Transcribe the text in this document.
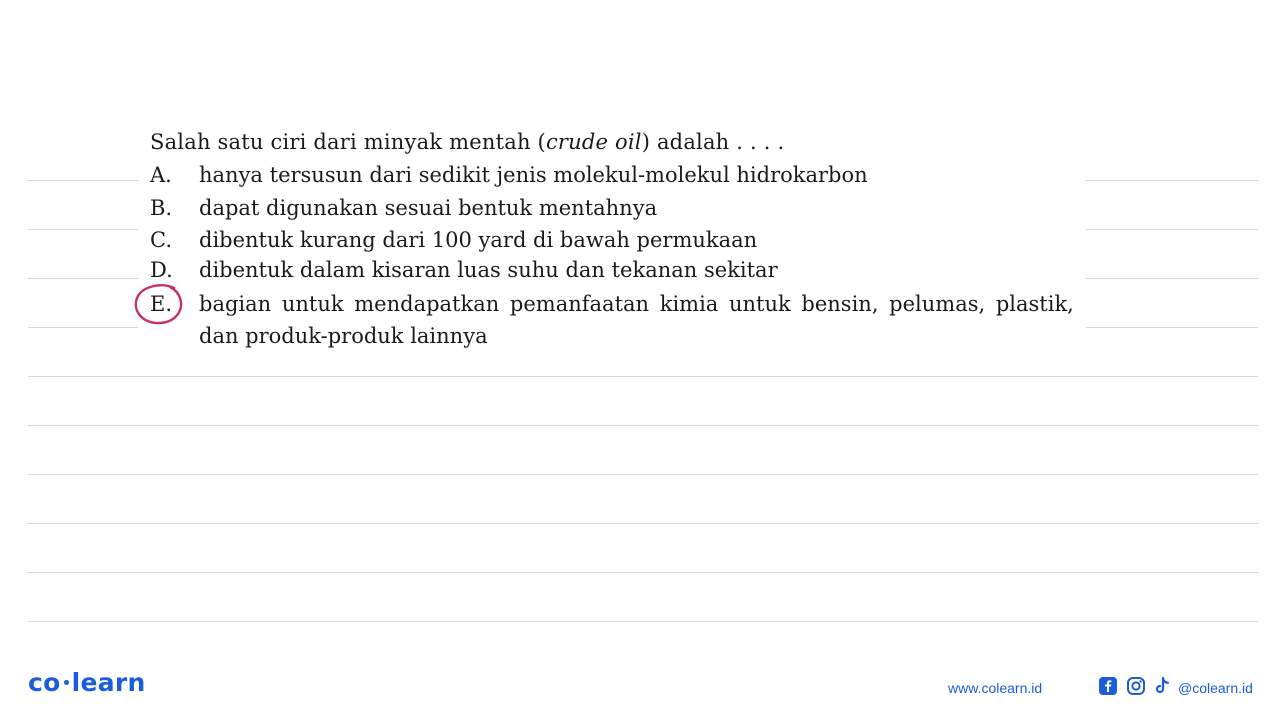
Salah satu ciri dari minyak mentah (crude oil) adalah . . . .
A. hanya tersusun dari sedikit jenis molekul-molekul hidrokarbon
B. dapat digunakan sesuai bentuk mentahnya
C. dibentuk kurang dari 100 yard di bawah permukaan
D. dibentuk dalam kisaran luas suhu dan tekanan sekitar
E. bagian untuk mendapatkan pemanfaatan kimia untuk bensin, pelumas, plastik,
dan produk-produk lainnya
co learn	www.colearn.id	@colearn.id
